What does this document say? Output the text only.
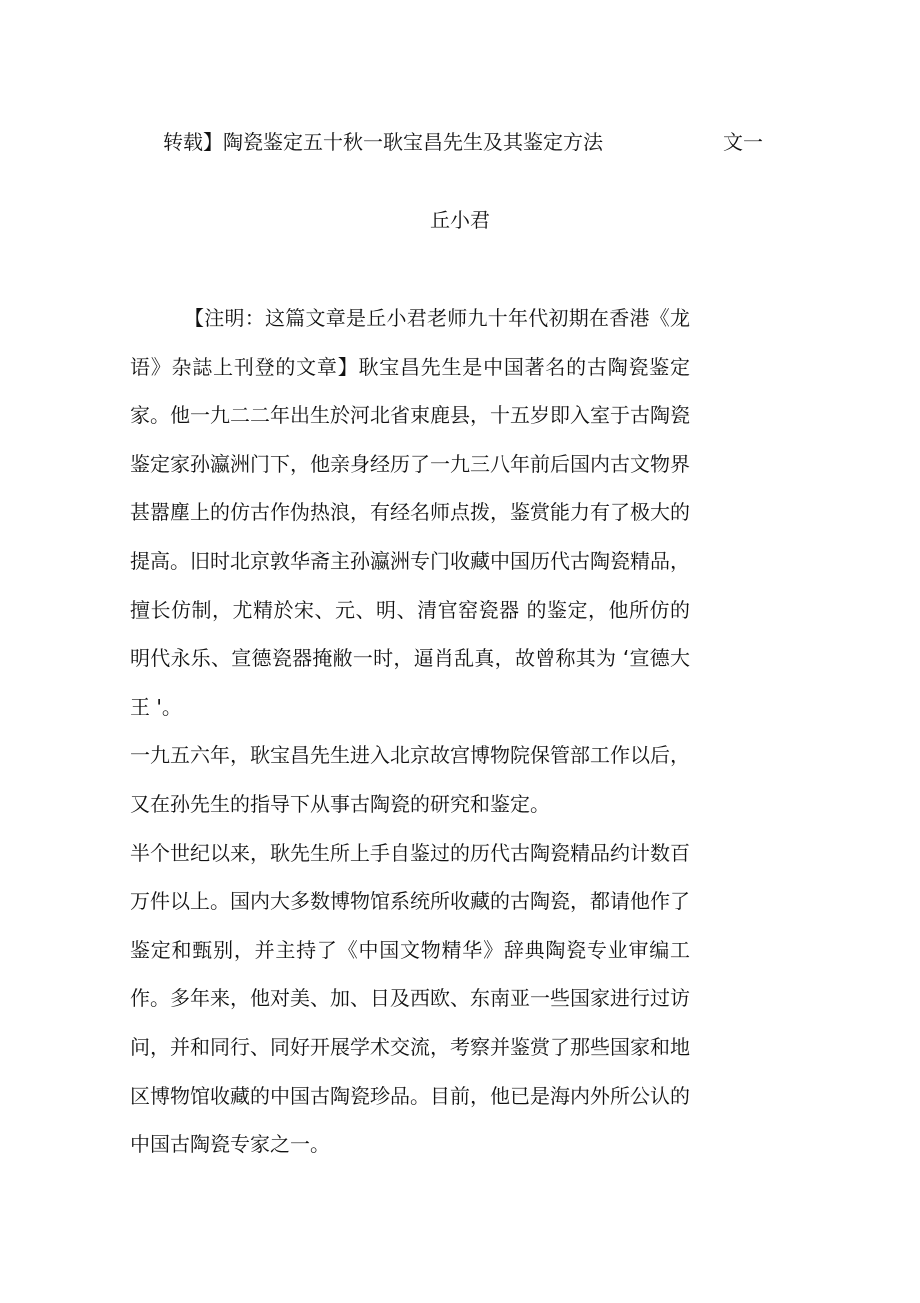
转载】陶瓷鉴定五十秋一耿宝昌先生及其鉴定方法	文一
丘小君

【注明：这篇文章是丘小君老师九十年代初期在香港《龙语》杂誌上刊登的文章】耿宝昌先生是中国著名的古陶瓷鉴定家。他一九二二年出生於河北省束鹿县，十五岁即入室于古陶瓷鉴定家孙瀛洲门下，他亲身经历了一九三八年前后国内古文物界甚嚣塵上的仿古作伪热浪，有经名师点拨，鉴赏能力有了极大的提高。旧时北京敦华斋主孙瀛洲专门收藏中国历代古陶瓷精品，擅长仿制，尤精於宋、元、明、清官窑瓷器 的鉴定，他所仿的明代永乐、宣德瓷器掩敝一时，逼肖乱真，故曾称其为 ‘宣德大王 '。

一九五六年，耿宝昌先生进入北京故宫博物院保管部工作以后，又在孙先生的指导下从事古陶瓷的研究和鉴定。

半个世纪以来，耿先生所上手自鉴过的历代古陶瓷精品约计数百万件以上。国内大多数博物馆系统所收藏的古陶瓷，都请他作了鉴定和甄别，并主持了《中国文物精华》辞典陶瓷专业审编工作。多年来，他对美、加、日及西欧、东南亚一些国家进行过访问，并和同行、同好开展学术交流，考察并鉴赏了那些国家和地区博物馆收藏的中国古陶瓷珍品。目前，他已是海内外所公认的中国古陶瓷专家之一。
